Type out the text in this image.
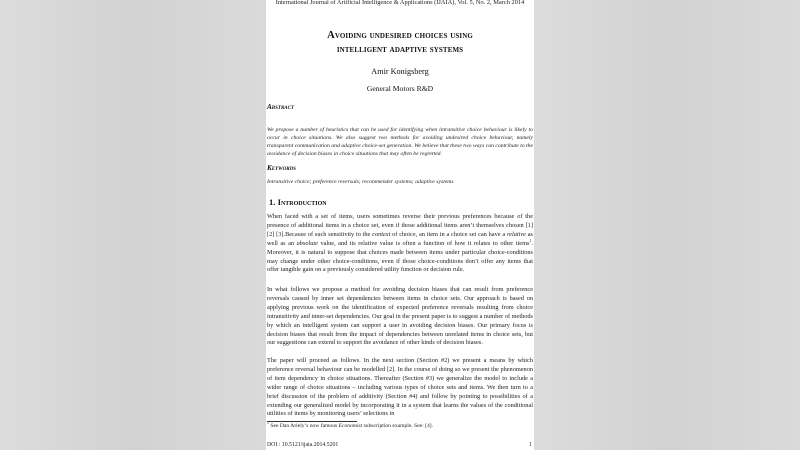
International Journal of Artificial Intelligence & Applications (IJAIA), Vol. 5, No. 2, March 2014
Avoiding undesired choices using
intelligent adaptive systems
Amir Konigsberg
General Motors R&D
Abstract
We propose a number of heuristics that can be used for identifying when intransitive choice behaviour is likely to occur in choice situations. We also suggest two methods for avoiding undesired choice behaviour, namely transparent communication and adaptive choice-set generation. We believe that these two ways can contribute to the avoidance of decision biases in choice situations that may often be regretted.
Keywords
Intransitive choice; preference reversals; recommender systems; adaptive systems
1. Introduction
When faced with a set of items, users sometimes reverse their previous preferences because of the presence of additional items in a choice set, even if those additional items aren’t themselves chosen [1] [2] [3].Because of such sensitivity to the context of choice, an item in a choice set can have a relative as well as an absolute value, and its relative value is often a function of how it relates to other items$^1$. Moreover, it is natural to suppose that choices made between items under particular choice-conditions may change under other choice-conditions, even if those choice-conditions don’t offer any items that offer tangible gain on a previously considered utility function or decision rule.
In what follows we propose a method for avoiding decision biases that can result from preference reversals caused by inner set dependencies between items in choice sets. Our approach is based on applying previous work on the identification of expected preference reversals resulting from choice intransitivity and inner-set dependencies. Our goal in the present paper is to suggest a number of methods by which an intelligent system can support a user in avoiding decision biases. Our primary focus is decision biases that result from the impact of dependencies between unrelated items in choice sets, but our suggestions can extend to support the avoidance of other kinds of decision biases.
The paper will proceed as follows. In the next section (Section #2) we present a means by which preference reversal behaviour can be modelled [2]. In the course of doing so we present the phenomenon of item dependency in choice situations. Thereafter (Section #3) we generalize the model to include a wider range of choice situations – including various types of choice sets and items. We then turn to a brief discussion of the problem of additivity (Section #4) and follow by pointing to possibilities of a extending our generalized model by incorporating it in a system that learns the values of the conditional utilities of items by monitoring users’ selections in
$^1$ See Dan Ariely’s now famous Economist subscription example. See: [4].
DOI : 10.5121/ijaia.2014.5201	1
